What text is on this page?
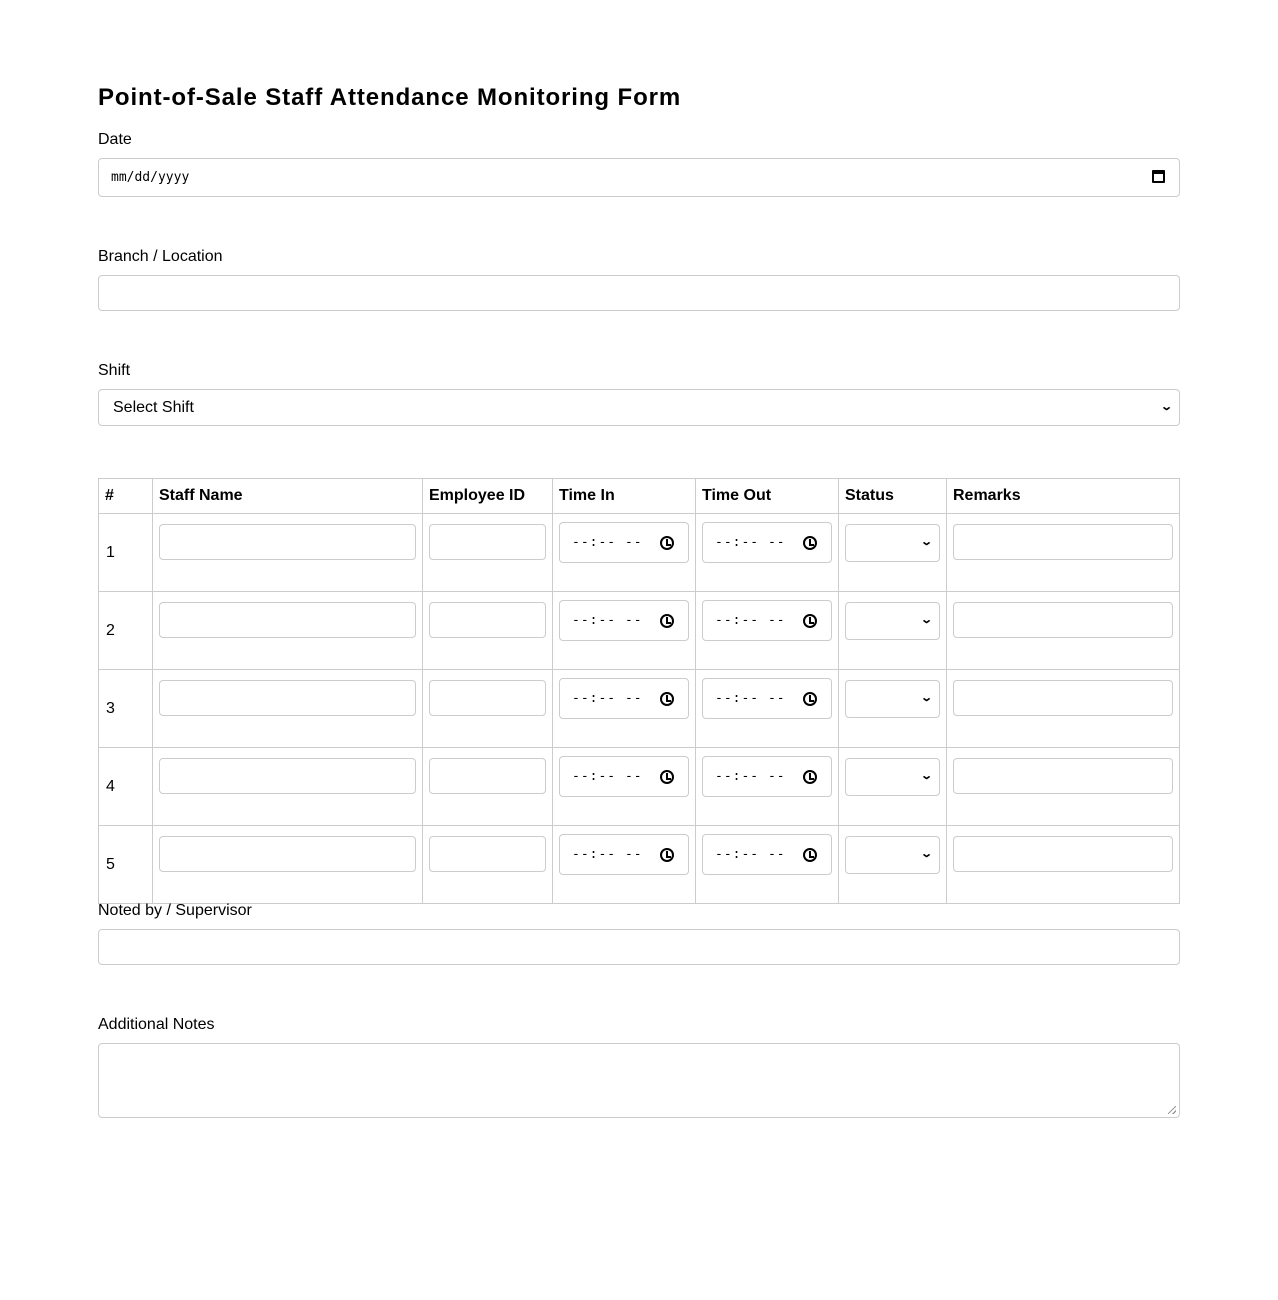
Point-of-Sale Staff Attendance Monitoring Form
Date
mm/dd/yyyy
Branch / Location
Shift
Select Shift	⌄
#	Staff Name	Employee ID	Time In	Time Out	Status	Remarks

1			--:-- --	--:-- --	⌄	

2			--:-- --	--:-- --	⌄	

3			--:-- --	--:-- --	⌄	

4			--:-- --	--:-- --	⌄	

5			--:-- --	--:-- --	⌄	

Noted by / Supervisor
Additional Notes
